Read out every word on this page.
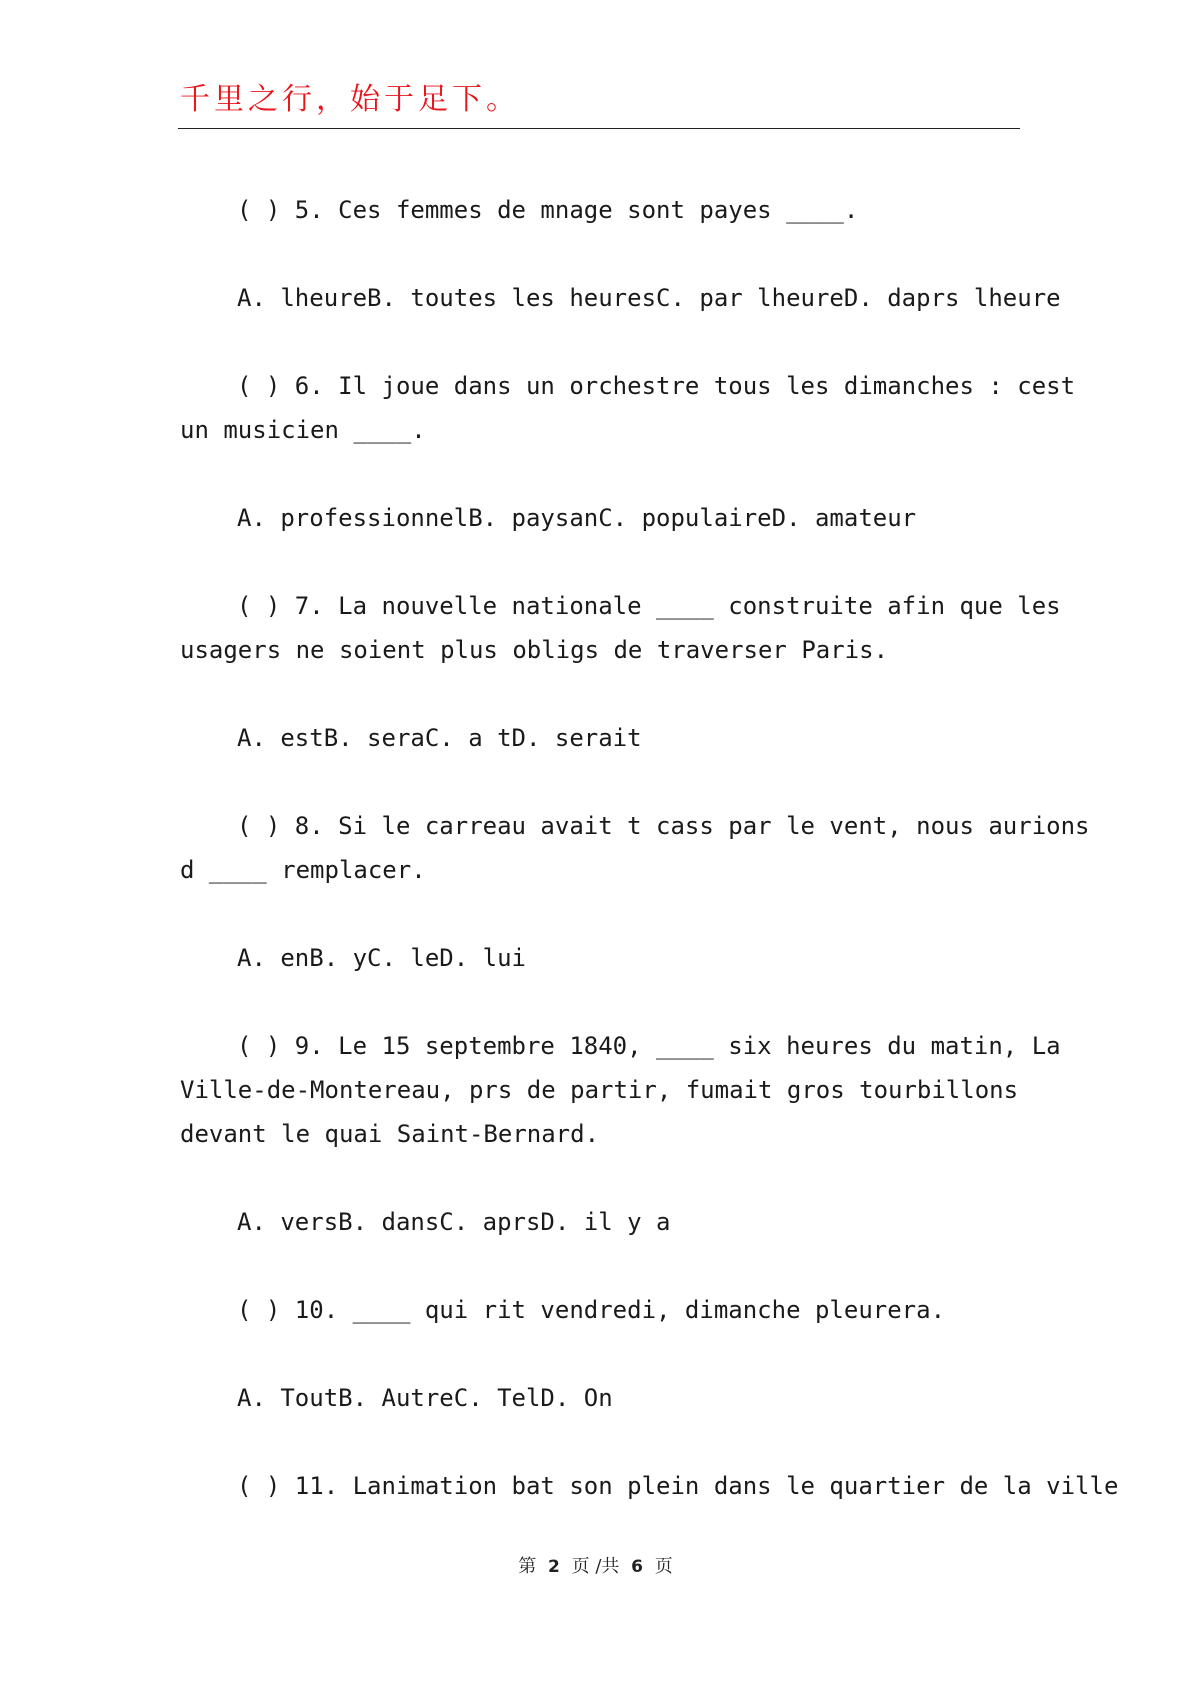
千里之行，始于足下。
( ) 5. Ces femmes de mnage sont payes ____.
A. lheureB. toutes les heuresC. par lheureD. daprs lheure
( ) 6. Il joue dans un orchestre tous les dimanches : cest
un musicien ____.
A. professionnelB. paysanC. populaireD. amateur
( ) 7. La nouvelle nationale ____ construite afin que les
usagers ne soient plus obligs de traverser Paris.
A. estB. seraC. a tD. serait
( ) 8. Si le carreau avait t cass par le vent, nous aurions
d ____ remplacer.
A. enB. yC. leD. lui
( ) 9. Le 15 septembre 1840, ____ six heures du matin, La
Ville-de-Montereau, prs de partir, fumait gros tourbillons
devant le quai Saint-Bernard.
A. versB. dansC. aprsD. il y a
( ) 10. ____ qui rit vendredi, dimanche pleurera.
A. ToutB. AutreC. TelD. On
( ) 11. Lanimation bat son plein dans le quartier de la ville
第 2 页 /共 6 页
